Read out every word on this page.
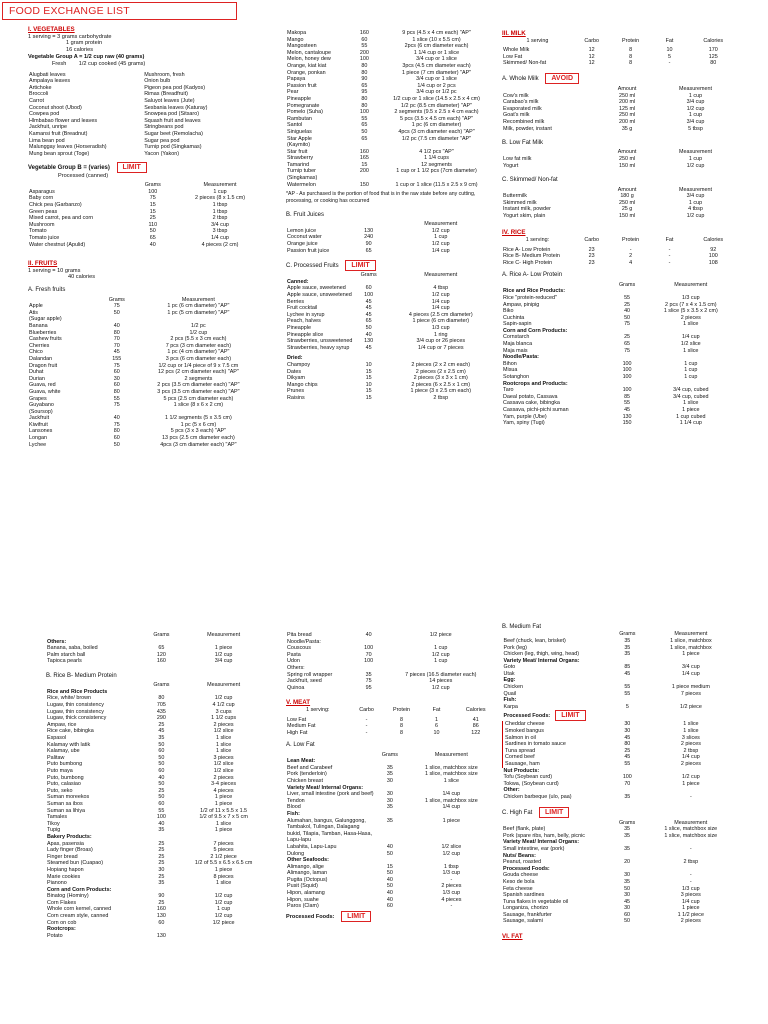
FOOD EXCHANGE LIST
I. VEGETABLES
1 serving = 3 grams carbohydrate
1 gram protein
16 calories
Vegetable Group A = 1/2 cup raw (40 grams)
Fresh        1/2 cup cooked (45 grams)
Alugbati leaves	Mushroom, fresh
Ampalaya leaves	Onion bulb

Artichoke	Pigeon pea pod (Kadyos)
Broccoli	Rimas (Breadfruit)
Carrot	Saluyot leaves (Jute)
Coconut shoot (Ubod)	Sesbania leaves (Katuray)
Cowpea pod	Snowpea pod (Sitsaro)
Hlmbabao flower and leaves	Squash fruit and leaves
Jackfruit, unripe	Stringbeans pod
Kamansi fruit (Breadnut)	Sugar beet (Remolacha)
Lima bean pod	Sugar pea pod
Malunggay leaves (Horseradish)	Turnip pod (Singkamas)

Mung bean sprout (Toge)	Yacon (Yakon)
Vegetable Group B = (varies) LIMIT
Processed (canned)
	Grams	Measurement
Asparagus	100	1 cup
Baby corn	75	2 pieces (8 x 1.5 cm)
Chick pea (Garbanzo)	15	1 tbsp
Green peas	15	1 tbsp
Mixed carrot, pea and corn	25	2 tbsp
Mushroom	110	3/4 cup
Tomato	50	3 tbsp
Tomato juice	65	1/4 cup
Water chestnut (Apulid)	40	4 pieces (2 cm)
II. FRUITS
1 serving = 10 grams
40 calories
A. Fresh fruits
	Grams	Measurement
Apple	75	1 pc (6 cm diameter) "AP"
Atis	50	1 pc (5 cm diameter) "AP"
(Sugar apple)		
Banana	40	1/2 pc
Blueberries	80	1/2 cup
Cashew fruits	70	2 pcs (5.5 x 3 cm each)
Cherries	70	7 pcs (3 cm diameter each)
Chico	45	1 pc (4 cm diameter) "AP"
Dalandan	155	3 pcs (6 cm diameter each)
Dragon fruit	75	1/2 cup or 1/4 piece of 9 x 7.5 cm
Duhat	60	12 pcs (2 cm diameter each) "AP"
Durian	30	2 segments
Guava, red	60	2 pcs (3.5 cm diameter each) "AP"
Guava, white	80	3 pcs (3.5 cm diameter each) "AP"
Grapes	55	5 pcs (2.5 cm diameter each)
Guyabano	75	1 slice (8 x 6 x 2 cm)
(Soursop)		
Jackfruit	40	1 1/2 segments (5 x 3.5 cm)
Kiwifruit	75	1 pc (5 x 6 cm)
Lansones	80	5 pcs (3 x 3 each) "AP"
Longan	60	13 pcs (2.5 cm diameter each)
Lychee	50	4pcs (3 cm diameter each) "AP"
Makopa	160	9 pcs (4.5 x 4 cm each) "AP"
Mango	60	1 slice (10 x 5.5 cm)
Mangosteen	55	2pcs (6 cm diameter each)
Melon, cantaloupe	200	1 1/4 cup or 1 slice
Melon, honey dew	100	3/4 cup or 1 slice
Orange, kiat kiat	80	3pcs (4.5 cm diameter each)
Orange, ponkan	80	1 piece (7 cm diameter) "AP"
Papaya	90	3/4 cup or 1 slice
Passion fruit	65	1/4 cup or 2 pcs
Pear	95	3/4 cup or 1/2 pc
Pineapple	80	1/2 cup or 1 slice (14.5 x 2.5 x 4 cm)
Pomegranate	80	1/2 pc (8.5 cm diameter) "AP"
Pomelo (Suha)	100	2 segments (9.5 x 2.5 x 4 cm each)
Rambutan	55	5 pcs (3.5 x 4.5 cm each) "AP"
Santol	65	1 pc (6 cm diameter)
Siniguelas	50	4pcs (3 cm diameter each) "AP"
Star Apple	65	1/2 pc (7.5 cm diameter "AP"
(Kaymito)		
Star fruit	160	4 1/2 pcs "AP"
Strawberry	165	1 1/4 cups
Tamarind	15	12 segments
Turnip tuber	200	1 cup or 1 1/2 pcs (7cm diameter)
(Singkamas)		
Watermelon	150	1 cup or 1 slice (11.5 x 2.5 x 9 cm)
*AP - As purchased is the portion of food that is in the raw state before any cutting, processing, or cooking has occurred
B. Fruit Juices
		Measurement
Lemon juice	130	1/2 cup
Coconut water	240	1 cup
Orange juice	90	1/2 cup
Passion fruit juice	65	1/4 cup
C. Processed Fruits LIMIT
	Grams	Measurement
Canned:		
Apple sauce, sweetened	60	4 tbsp
Apple sauce, unsweetened	100	1/2 cup
Berries	45	1/4 cup
Fruit cocktail	45	1/4 cup
Lychee in syrup	45	4 pieces (2.5 cm diameter)
Peach, halves	65	1 piece (6 cm diameter)
Pineapple	50	1/3 cup
Pineapple slice	40	1 ring
Strawberries, unsweetened	130	3/4 cup or 26 pieces
Strawberries, heavy syrup	45	1/4 cup or 7 pieces

Dried:		
Champoy	10	2 pieces (2 x 2 cm each)
Dates	15	2 pieces (2 x 2.5 cm)
Dikyam	15	2 pieces (3 x 3 x 1 cm)
Mango chips	10	2 pieces (6 x 2.5 x 1 cm)
Prunes	15	1 piece (3 x 2.5 cm each)
Raisins	15	2 tbsp
III. MILK
1 serving	Carbo	Protein	Fat	Calories

Whole Milk	12	8	10	170
Low Fat	12	8	5	125
Skimmed/ Non-fat	12	8	-	80
A. Whole Milk AVOID
	Amount	Measurement
Cow's milk	250 ml	1 cup
Carabao's milk	200 ml	3/4 cup
Evaporated milk	125 ml	1/2 cup
Goat's milk	250 ml	1 cup
Recombined milk	200 ml	3/4 cup
Milk, powder, instant	35 g	5 tbsp
B. Low Fat Milk
	Amount	Measurement
Low fat milk	250 ml	1 cup
Yogurt	150 ml	1/2 cup
C. Skimmed/ Non-fat
	Amount	Measurement
Buttermilk	180 g	3/4 cup
Skimmed milk	250 ml	1 cup
Instant milk, powder	25 g	4 tbsp
Yogurt skim, plain	150 ml	1/2 cup
IV. RICE
1 serving:	Carbo	Protein	Fat	Calories

Rice A- Low Protein	23	-	-	92
Rice B- Medium Protein	23	2	-	100
Rice C- High Protein	23	4	-	108
A. Rice A- Low Protein
	Grams	Measurement
Rice and Rice Products:		
Rice "protein-reduced"	55	1/3 cup
Ampaw, pinipig	25	2 pcs (7 x 4 x 1.5 cm)
Biko	40	1 slice (5 x 3.5 x 2 cm)
Cuchinta	50	2 pieces
Sapin-sapin	75	1 slice
Corn and Corn Products:		
Cornstarch	25	1/4 cup
Maja blanca	65	1/2 slice
Maja mais	75	1 slice
Noodle/Pasta:		
Bihon	100	1 cup
Misua	100	1 cup
Sotanghon	100	1 cup
Rootcrops and Products:		
Taro	100	3/4 cup, cubed
Daeal potato, Cassava	85	3/4 cup, cubed
Cassava cake, bibingka	55	1 slice
Cassava, pichi-pichi suman	45	1 piece
Yam, purple (Ube)	130	1 cup cubed
Yam, spiny (Tugi)	150	1 1/4 cup
	Grams	Measurement
Others:		
Banana, saba, boiled	65	1 piece
Palm starch ball	120	1/2 cup
Tapioca pearls	160	3/4 cup
B. Rice B- Medium Protein
	Grams	Measurement
Rice and Rice Products		
Rice, white/ brown	80	1/2 cup
Lugaw, thin consistency	705	4 1/2 cup
Lugaw, thin consistency	435	3 cups
Lugaw, thick consistency	290	1 1/2 cups
Ampaw, rice	25	2 pieces
Rice cake, bibingka	45	1/2 slice
Espasol	35	1 slice
Kalamay with latik	50	1 slice
Kalamay, ube	60	1 slice
Palitaw	50	3 pieces
Puto bumbong	50	1/2 slice
Puto maya	60	1/2 slice
Puto, bumbong	40	2 pieces
Puto, calasiao	50	3-4 pieces
Puto, seko	25	4 pieces
Suman moreekos	50	1 piece
Suman sa ibos	60	1 piece
Suman sa lihiya	55	1/2 of 11 x 5.5 x 1.5
Tamales	100	1/2 of 9.5 x 7 x 5 cm
Tikoy	40	1 slice
Tupig	35	1 piece
Bakery Products:		
Apas, pasensia	25	7 pieces
Lady finger (Broas)	25	5 pieces
Finger bread	25	2 1/2 piece
Steamed bun (Cuapao)	25	1/2 of 5.5 x 6.5 x 6.5 cm
Hopiang hapon	30	1 piece
Marie cookies	25	8 pieces
Pianono	35	1 slice
Corn and Corn Products:		
Binatog (Hominy)	90	1/2 cup
Corn Flakes	25	1/2 cup
Whole corn kernel, canned	160	1 cup
Corn cream style, canned	130	1/2 cup
Corn on cob	60	1/2 piece
Rootcrops:		
Potato	130	
Pita bread	40	1/2 piece
Noodle/Pasta:		
Couscous	100	1 cup
Pasta	70	1/2 cup
Udon	100	1 cup
Others:		
Spring roll wrapper	35	7 pieces (16.5 diameter each)
Jackfruit, seed	75	14 pieces
Quinoa	95	1/2 cup
V. MEAT
1 serving:	Carbo	Protein	Fat	Calories

Low Fat	-	8	1	41
Medium Fat	-	8	6	86
High Fat	-	8	10	122
A. Low Fat
	Grams	Measurement
Lean Meat:		
Beef and Carabeef	35	1 slice, matchbox size
Pork (tenderloin)	35	1 slice, matchbox size
Chicken breast	30	1 slice
Variety Meat/ Internal Organs:		
Liver, small intestine (pork and beef)	30	1/4 cup
Tendon	30	1 slice, matchbox size
Blood	35	1/4 cup
Fish:		
Alumahan, bangus, Galunggong, Tambakol, Tulingan, Dalagang bukid, Tilapia, Tamban, Hasa-Hasa, Lapu-lapu	35	1 piece
Labahita, Lapu-Lapu	40	1/2 slice
Dulong	50	1/2 cup
Other Seafoods:		
Alimango, alige	15	1 tbsp
Alimango, laman	50	1/3 cup
Pugita (Octopus)	40	-
Pusit (Squid)	50	2 pieces
Hipon, alamang	40	1/3 cup
Hipon, suahe	40	4 pieces
Paros (Clam)	60	-
Processed Foods: LIMIT
B. Medium Fat
	Grams	Measurement
Beef (chuck, lean, brisket)	35	1 slice, matchbox
Pork (leg)	35	1 slice, matchbox
Chicken (leg, thigh, wing, head)	35	1 piece
Variety Meat/ Internal Organs:		
Goto	85	3/4 cup
Utak	45	1/4 cup
Egg:		
Chicken	55	1 piece medium
Quail	55	7 pieces
Fish:		
Karpa	5	1/2 piece
Processed Foods: LIMIT		
Cheddar cheese	30	1 slice
Smoked bangus	30	1 slice
Salmon in oil	45	3 slices
Sardines in tomato sauce	80	2 pieces
Tuna spread	25	2 tbsp
Corned beef	45	1/4 cup
Sausage, ham	55	2 pieces
Nut Products:		
Tofu (Soybean curd)	100	1/2 cup
Tokwa, (Soybean curd)	70	1 piece
Other:		
Chicken barbeque (ulo, paa)	35	-
C. High Fat LIMIT
	Grams	Measurement
Beef (flank, plate)	35	1 slice, matchbox size
Pork (spare ribs, ham, belly, picnic	35	1 slice, matchbox size
Variety Meat/ Internal Organs:		
Small intestine, ear (pork)	35	-
Nuts/ Beans:		
Peanut, roasted	20	2 tbsp
Processed Foods:		
Gouda cheese	30	-
Keso de bola	35	-
Feta cheese	50	1/3 cup
Spanish sardines	30	3 pieces
Tuna flakes in vegetable oil	45	1/4 cup
Longaniza, chorizo	30	1 piece
Sausage, frankfurter	60	1 1/2 piece
Sausage, salami	50	2 pieces
VI. FAT
